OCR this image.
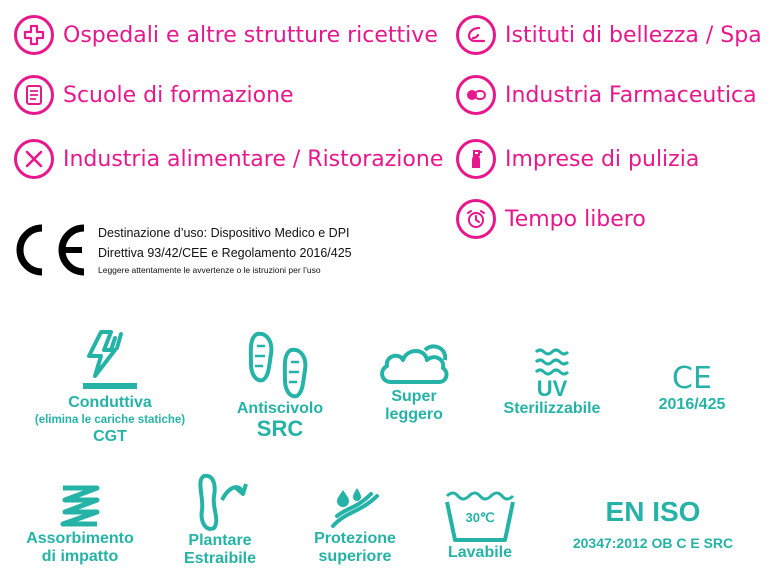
Ospedali e altre strutture ricettive
Scuole di formazione
Industria alimentare / Ristorazione
Istituti di bellezza / Spa
Industria Farmaceutica
Imprese di pulizia
Tempo libero
Destinazione d’uso: Dispositivo Medico e DPI
Direttiva 93/42/CEE e Regolamento 2016/425
Leggere attentamente le avvertenze o le istruzioni per l’uso
Conduttiva
(elimina le cariche statiche)
CGT
Antiscivolo
SRC
Super
leggero
UV
Sterilizzabile
CE
2016/425
Assorbimento
di impatto
Plantare
Estraibile
Protezione
superiore
30℃
Lavabile
EN ISO
20347:2012 OB C E SRC
